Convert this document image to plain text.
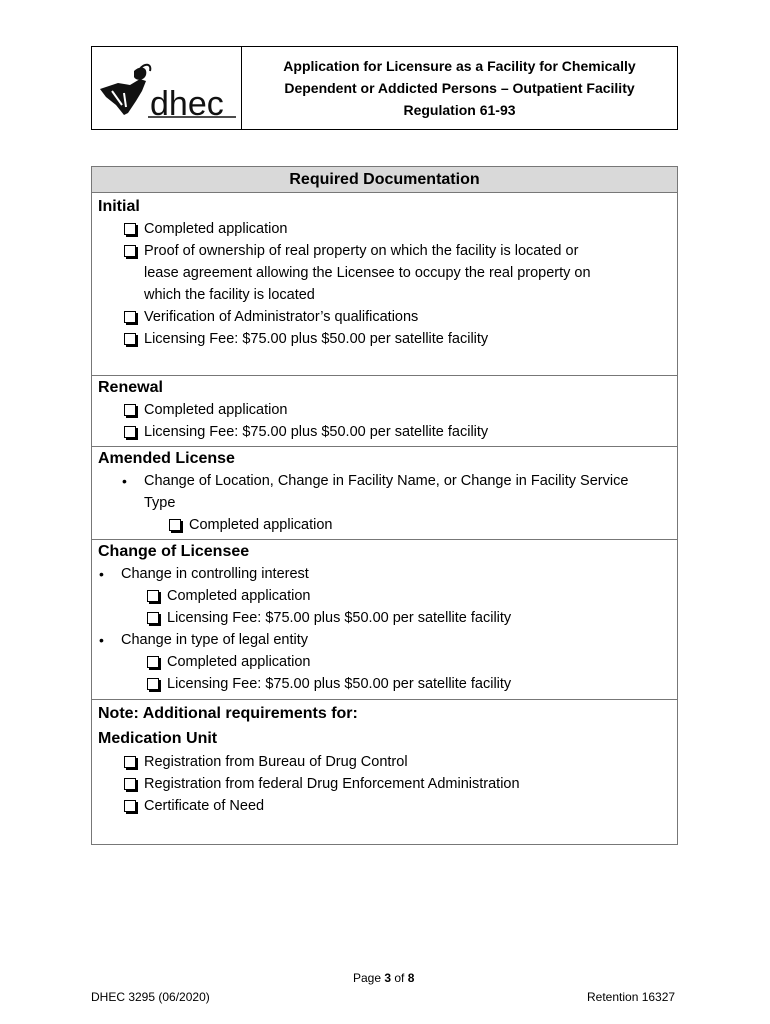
dhec
Application for Licensure as a Facility for Chemically
Dependent or Addicted Persons – Outpatient Facility
Regulation 61-93
Required Documentation

Initial
Completed application
Proof of ownership of real property on which the facility is located or
lease agreement allowing the Licensee to occupy the real property on
which the facility is located
Verification of Administrator’s qualifications
Licensing Fee: $75.00 plus $50.00 per satellite facility

Renewal
Completed application
Licensing Fee: $75.00 plus $50.00 per satellite facility

Amended License
• Change of Location, Change in Facility Name, or Change in Facility Service
Type
Completed application

Change of Licensee
• Change in controlling interest
Completed application
Licensing Fee: $75.00 plus $50.00 per satellite facility
• Change in type of legal entity
Completed application
Licensing Fee: $75.00 plus $50.00 per satellite facility

Note: Additional requirements for:
Medication Unit
Registration from Bureau of Drug Control
Registration from federal Drug Enforcement Administration
Certificate of Need
Page 3 of 8
DHEC 3295 (06/2020)	Retention 16327
